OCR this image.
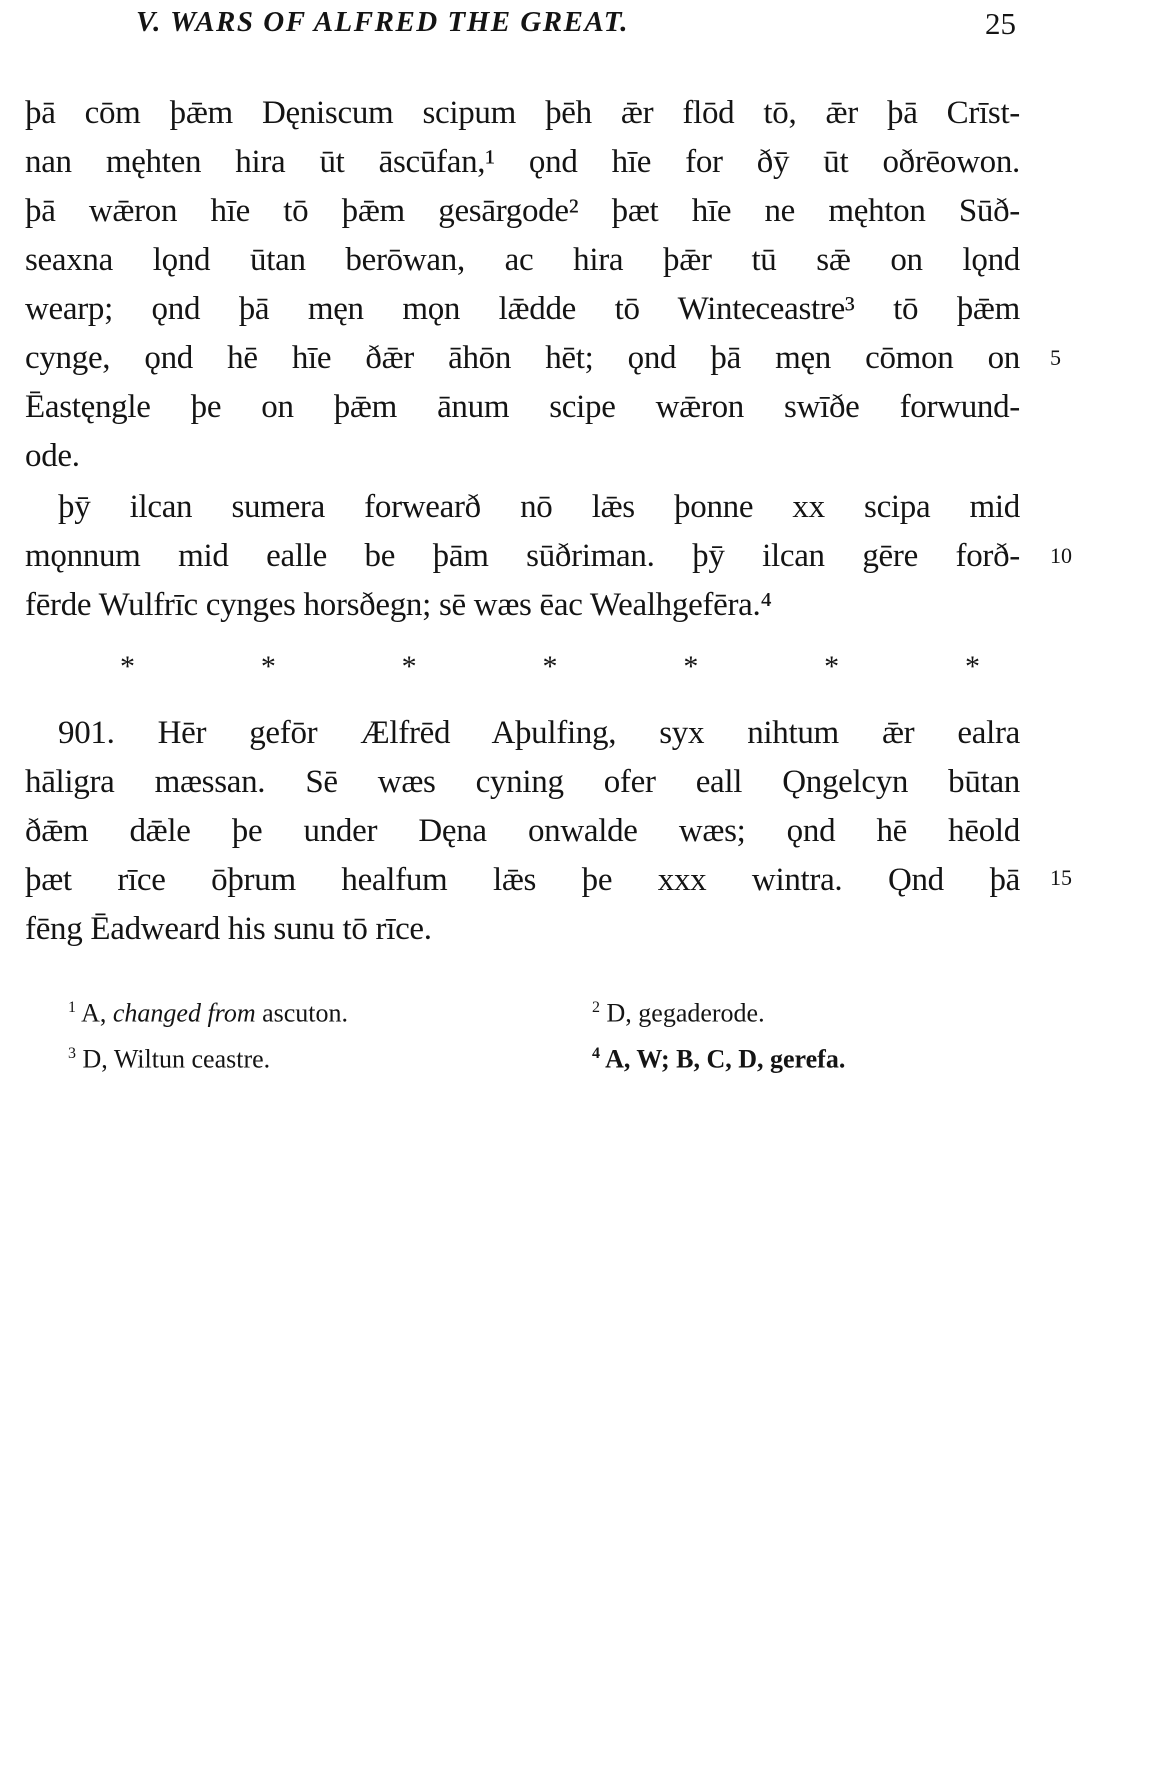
V. WARS OF ALFRED THE GREAT.	25
þā cōm þǣm Dęniscum scipum þēh ǣr flōd tō, ǣr þā Crīst-
nan męhten hira ūt āscūfan,¹ ǫnd hīe for ðȳ ūt oðrēowon.
þā wǣron hīe tō þǣm gesārgode² þæt hīe ne męhton Sūð-
seaxna lǫnd ūtan berōwan, ac hira þǣr tū sǣ on lǫnd
wearp; ǫnd þā męn mǫn lǣdde tō Winteceastre³ tō þǣm
cynge, ǫnd hē hīe ðǣr āhōn hēt; ǫnd þā męn cōmon on
Ēastęngle þe on þǣm ānum scipe wǣron swīðe forwund-
ode.
þȳ ilcan sumera forwearð nō lǣs þonne xx scipa mid
mǫnnum mid ealle be þām sūðriman. þȳ ilcan gēre forð-
fērde Wulfrīc cynges horsðegn; sē wæs ēac Wealhgefēra.⁴
901. Hēr gefōr Ælfrēd Aþulfing, syx nihtum ǣr ealra
hāligra mæssan. Sē wæs cyning ofer eall Ǫngelcyn būtan
ðǣm dǣle þe under Dęna onwalde wæs; ǫnd hē hēold
þæt rīce ōþrum healfum lǣs þe xxx wintra. Ǫnd þā
fēng Ēadweard his sunu tō rīce.
5
10
15
*	*	*	*	*	*	*
$^1$ A, changed from ascuton.	$^2$ D, gegaderode.
$^3$ D, Wiltun ceastre.	$^4$ A, W; B, C, D, gerefa.
